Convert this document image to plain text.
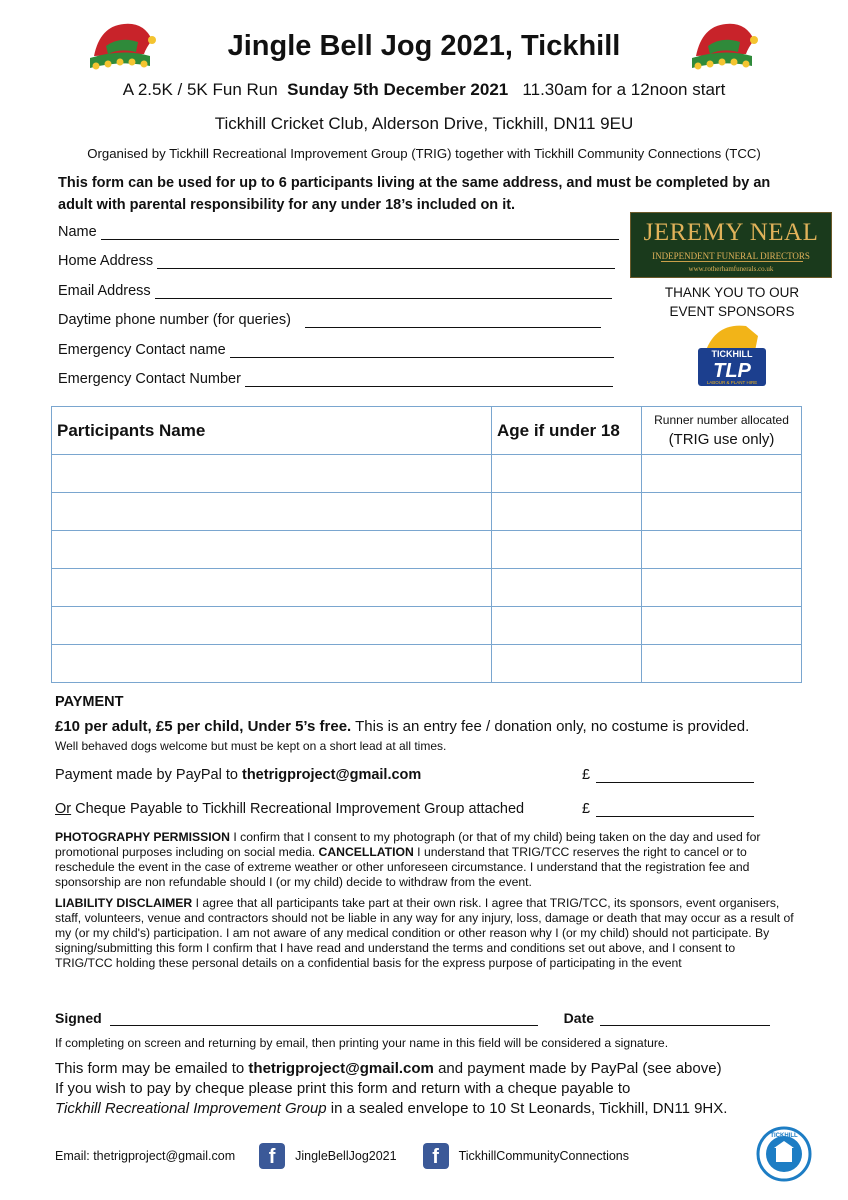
Jingle Bell Jog 2021, Tickhill
A 2.5K / 5K Fun Run Sunday 5th December 2021 11.30am for a 12noon start
Tickhill Cricket Club, Alderson Drive, Tickhill, DN11 9EU
Organised by Tickhill Recreational Improvement Group (TRIG) together with Tickhill Community Connections (TCC)
This form can be used for up to 6 participants living at the same address, and must be completed by an adult with parental responsibility for any under 18’s included on it.
Name
Home Address
Email Address
Daytime phone number (for queries)
Emergency Contact name
Emergency Contact Number
JEREMY NEAL
INDEPENDENT FUNERAL DIRECTORS
www.rotherhamfunerals.co.uk
THANK YOU TO OUR
EVENT SPONSORS
TICKHILL
TLP
LABOUR & PLANT HIRE
Participants Name	Age if under 18	Runner number allocated
(TRIG use only)

PAYMENT
£10 per adult, £5 per child, Under 5’s free. This is an entry fee / donation only, no costume is provided.
Well behaved dogs welcome but must be kept on a short lead at all times.
Payment made by PayPal to thetrigproject@gmail.com	£
Or Cheque Payable to Tickhill Recreational Improvement Group attached	£
PHOTOGRAPHY PERMISSION I confirm that I consent to my photograph (or that of my child) being taken on the day and used for promotional purposes including on social media. CANCELLATION I understand that TRIG/TCC reserves the right to cancel or to reschedule the event in the case of extreme weather or other unforeseen circumstance. I understand that the registration fee and sponsorship are non refundable should I (or my child) decide to withdraw from the event.
LIABILITY DISCLAIMER I agree that all participants take part at their own risk. I agree that TRIG/TCC, its sponsors, event organisers, staff, volunteers, venue and contractors should not be liable in any way for any injury, loss, damage or death that may occur as a result of my (or my child's) participation. I am not aware of any medical condition or other reason why I (or my child) should not participate. By signing/submitting this form I confirm that I have read and understand the terms and conditions set out above, and I consent to TRIG/TCC holding these personal details on a confidential basis for the express purpose of participating in the event
Signed	Date
If completing on screen and returning by email, then printing your name in this field will be considered a signature.
This form may be emailed to thetrigproject@gmail.com and payment made by PayPal (see above)
If you wish to pay by cheque please print this form and return with a cheque payable to
Tickhill Recreational Improvement Group in a sealed envelope to 10 St Leonards, Tickhill, DN11 9HX.
Email: thetrigproject@gmail.com	f	JingleBellJog2021	f	TickhillCommunityConnections
TICKHILL
